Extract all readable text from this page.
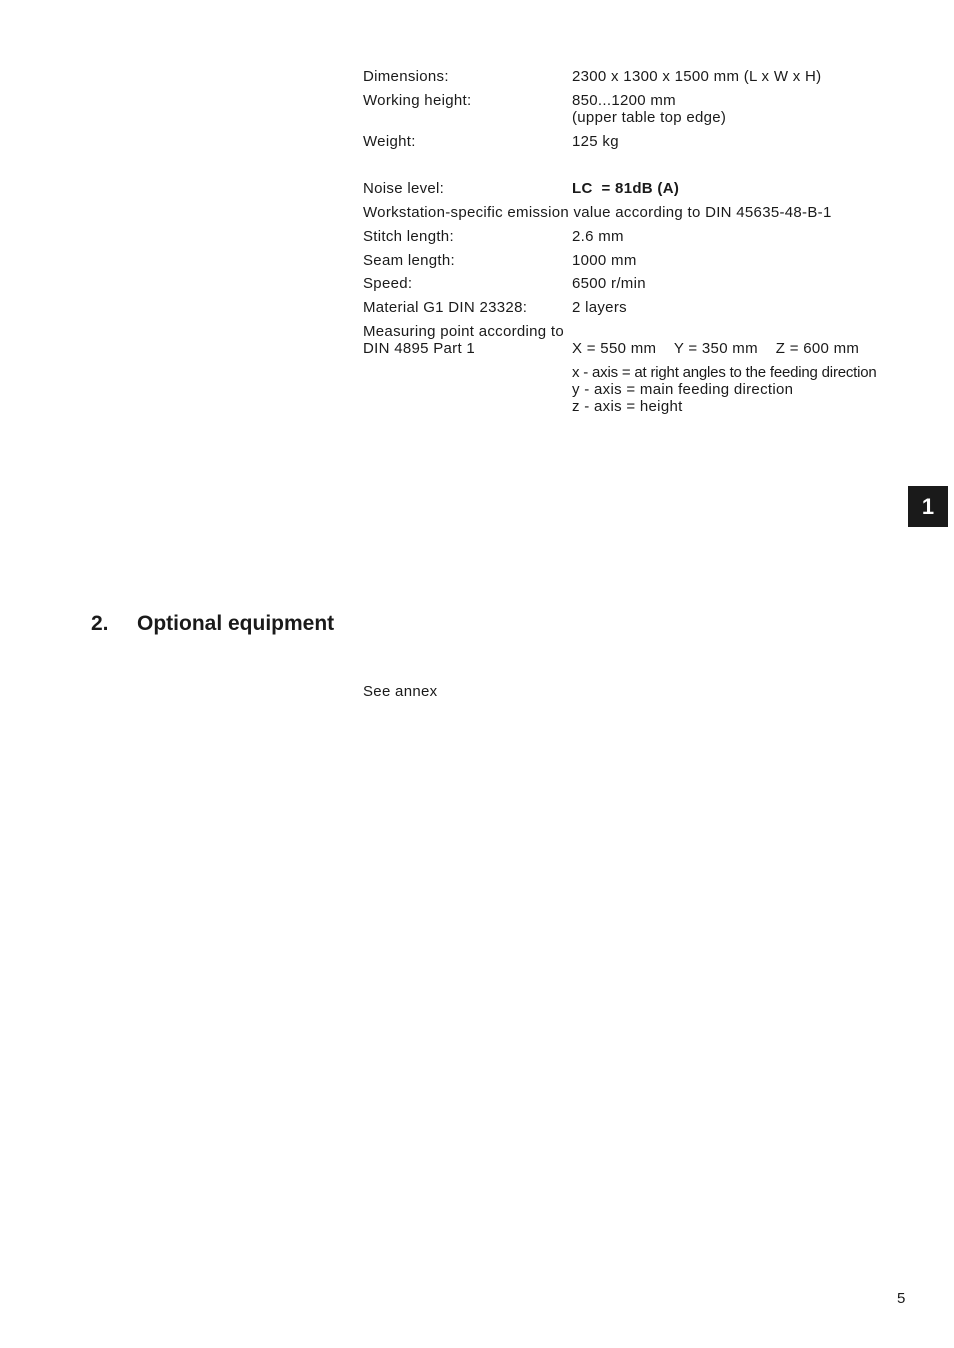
Dimensions:	2300 x 1300 x 1500 mm (L x W x H)
Working height:	850...1200 mm
(upper table top edge)
Weight:	125 kg
Noise level:	LC  = 81dB (A)
Workstation-specific emission value according to DIN 45635-48-B-1
Stitch length:	2.6 mm
Seam length:	1000 mm
Speed:	6500 r/min
Material G1 DIN 23328:	2 layers
Measuring point according to
DIN 4895 Part 1	X = 550 mm    Y = 350 mm    Z = 600 mm
x - axis = at right angles to the feeding direction
y - axis = main feeding direction
z - axis = height
1
2. Optional equipment
See annex
5
